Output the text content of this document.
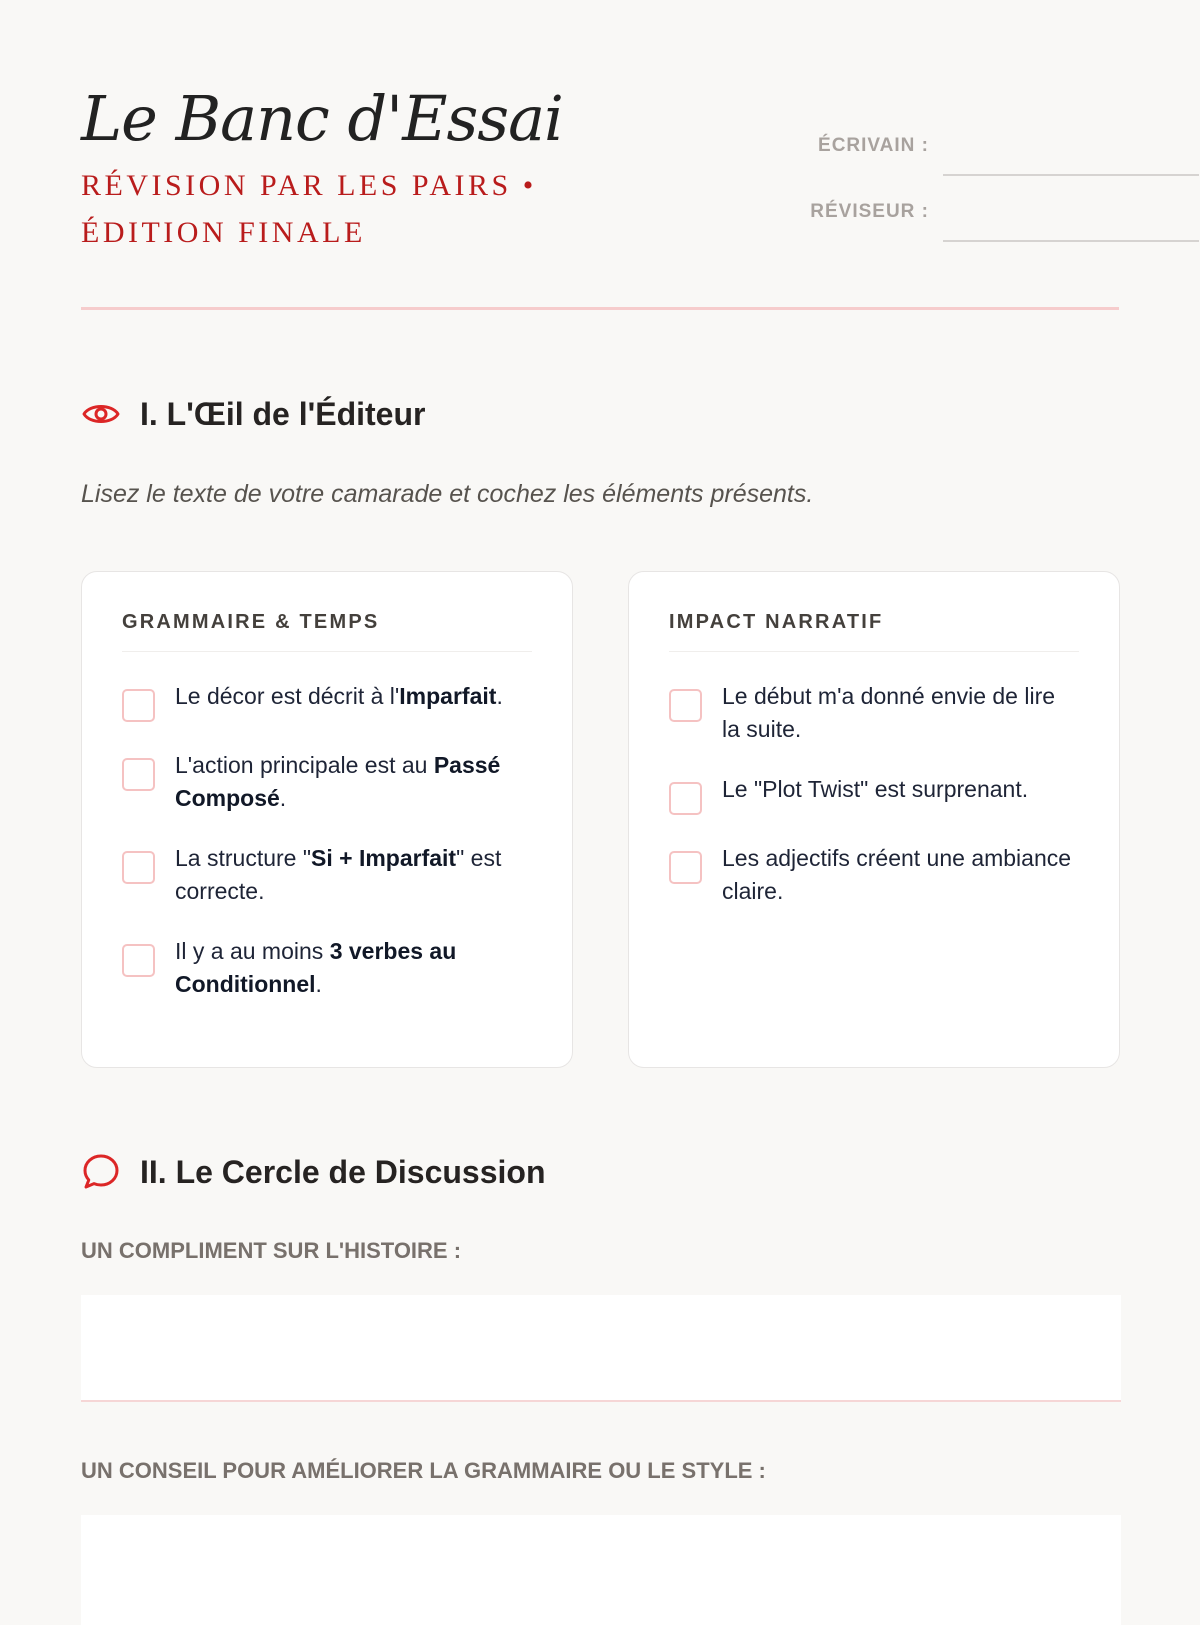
Le Banc d'Essai
RÉVISION PAR LES PAIRS • ÉDITION FINALE
ÉCRIVAIN :
RÉVISEUR :
I. L'Œil de l'Éditeur

Lisez le texte de votre camarade et cochez les éléments présents.

GRAMMAIRE & TEMPS
Le décor est décrit à l'Imparfait.
L'action principale est au Passé Composé.
La structure "Si + Imparfait" est correcte.
Il y a au moins 3 verbes au Conditionnel.
IMPACT NARRATIF
Le début m'a donné envie de lire la suite.
Le "Plot Twist" est surprenant.
Les adjectifs créent une ambiance claire.
II. Le Cercle de Discussion
UN COMPLIMENT SUR L'HISTOIRE :
UN CONSEIL POUR AMÉLIORER LA GRAMMAIRE OU LE STYLE :
